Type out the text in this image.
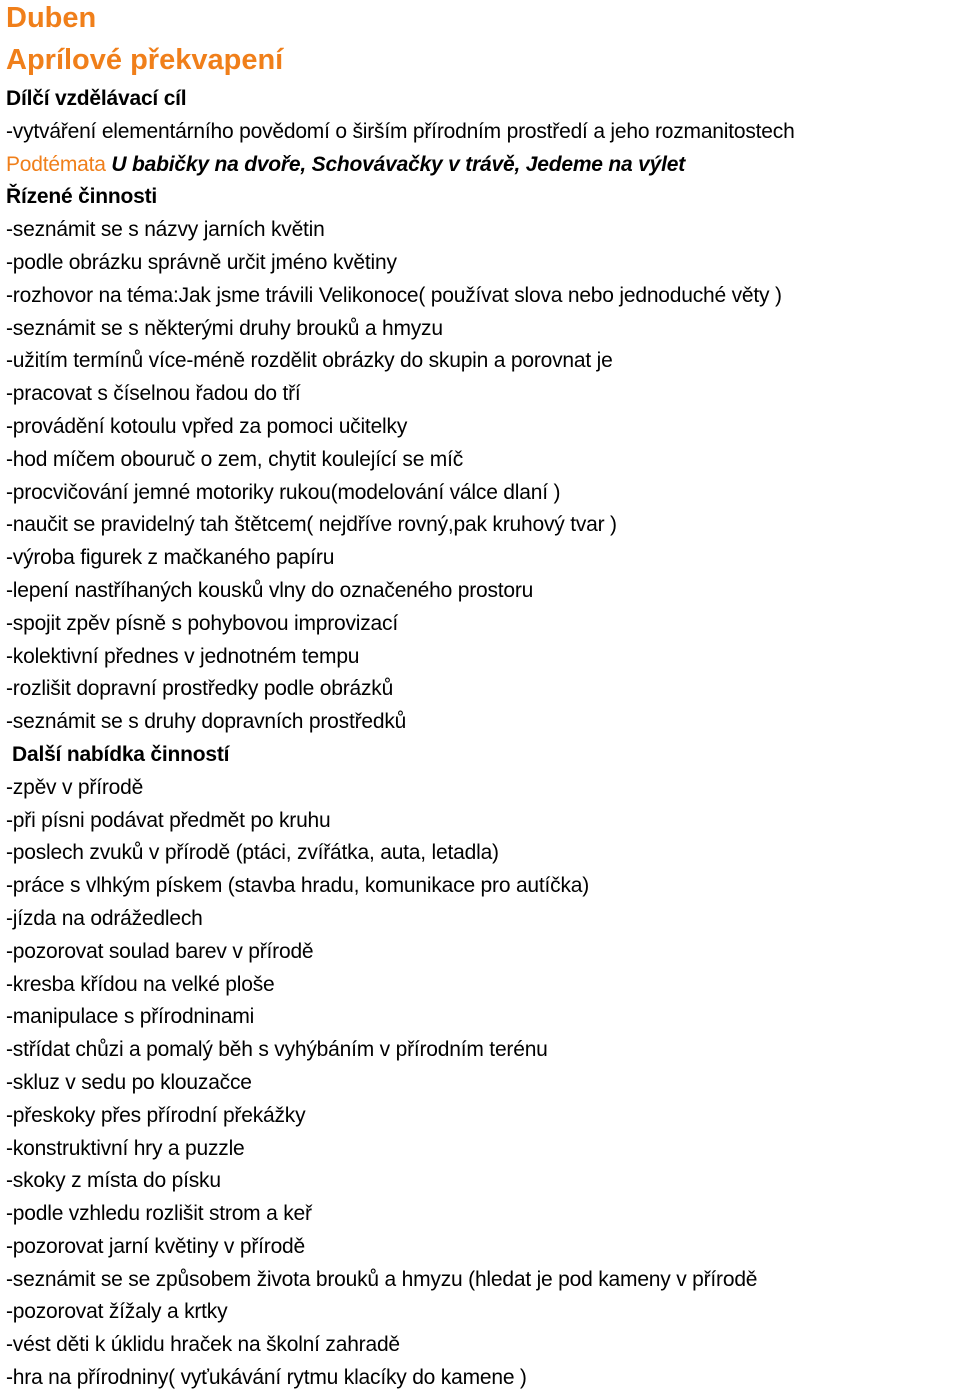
Duben
Aprílové překvapení
Dílčí vzdělávací cíl
-vytváření elementárního povědomí o širším přírodním prostředí a jeho rozmanitostech
Podtémata U babičky na dvoře, Schovávačky v trávě, Jedeme na výlet
Řízené činnosti
-seznámit se s názvy jarních květin
-podle obrázku správně určit jméno květiny
-rozhovor na téma:Jak jsme trávili Velikonoce( používat slova nebo jednoduché věty )
-seznámit se s některými druhy brouků a hmyzu
-užitím termínů více-méně rozdělit obrázky do skupin a porovnat je
-pracovat s číselnou řadou do tří
-provádění kotoulu vpřed za pomoci učitelky
-hod míčem obouruč o zem, chytit koulející se míč
-procvičování jemné motoriky rukou(modelování válce dlaní )
-naučit se pravidelný tah štětcem( nejdříve rovný,pak kruhový tvar )
-výroba figurek z mačkaného papíru
-lepení nastříhaných kousků vlny do označeného prostoru
-spojit zpěv písně s pohybovou improvizací
-kolektivní přednes v jednotném tempu
-rozlišit dopravní prostředky podle obrázků
-seznámit se s druhy dopravních prostředků
Další nabídka činností
-zpěv v přírodě
-při písni podávat předmět po kruhu
-poslech zvuků v přírodě (ptáci, zvířátka, auta, letadla)
-práce s vlhkým pískem (stavba hradu, komunikace pro autíčka)
-jízda na odrážedlech
-pozorovat soulad barev v přírodě
-kresba křídou na velké ploše
-manipulace s přírodninami
-střídat chůzi a pomalý běh s vyhýbáním v přírodním terénu
-skluz v sedu po klouzačce
-přeskoky přes přírodní překážky
-konstruktivní hry a puzzle
-skoky z místa do písku
-podle vzhledu rozlišit strom a keř
-pozorovat jarní květiny v přírodě
-seznámit se se způsobem života brouků a hmyzu (hledat je pod kameny v přírodě
-pozorovat žížaly a krtky
-vést děti k úklidu hraček na školní zahradě
-hra na přírodniny( vyťukávání rytmu klacíky do kamene )
